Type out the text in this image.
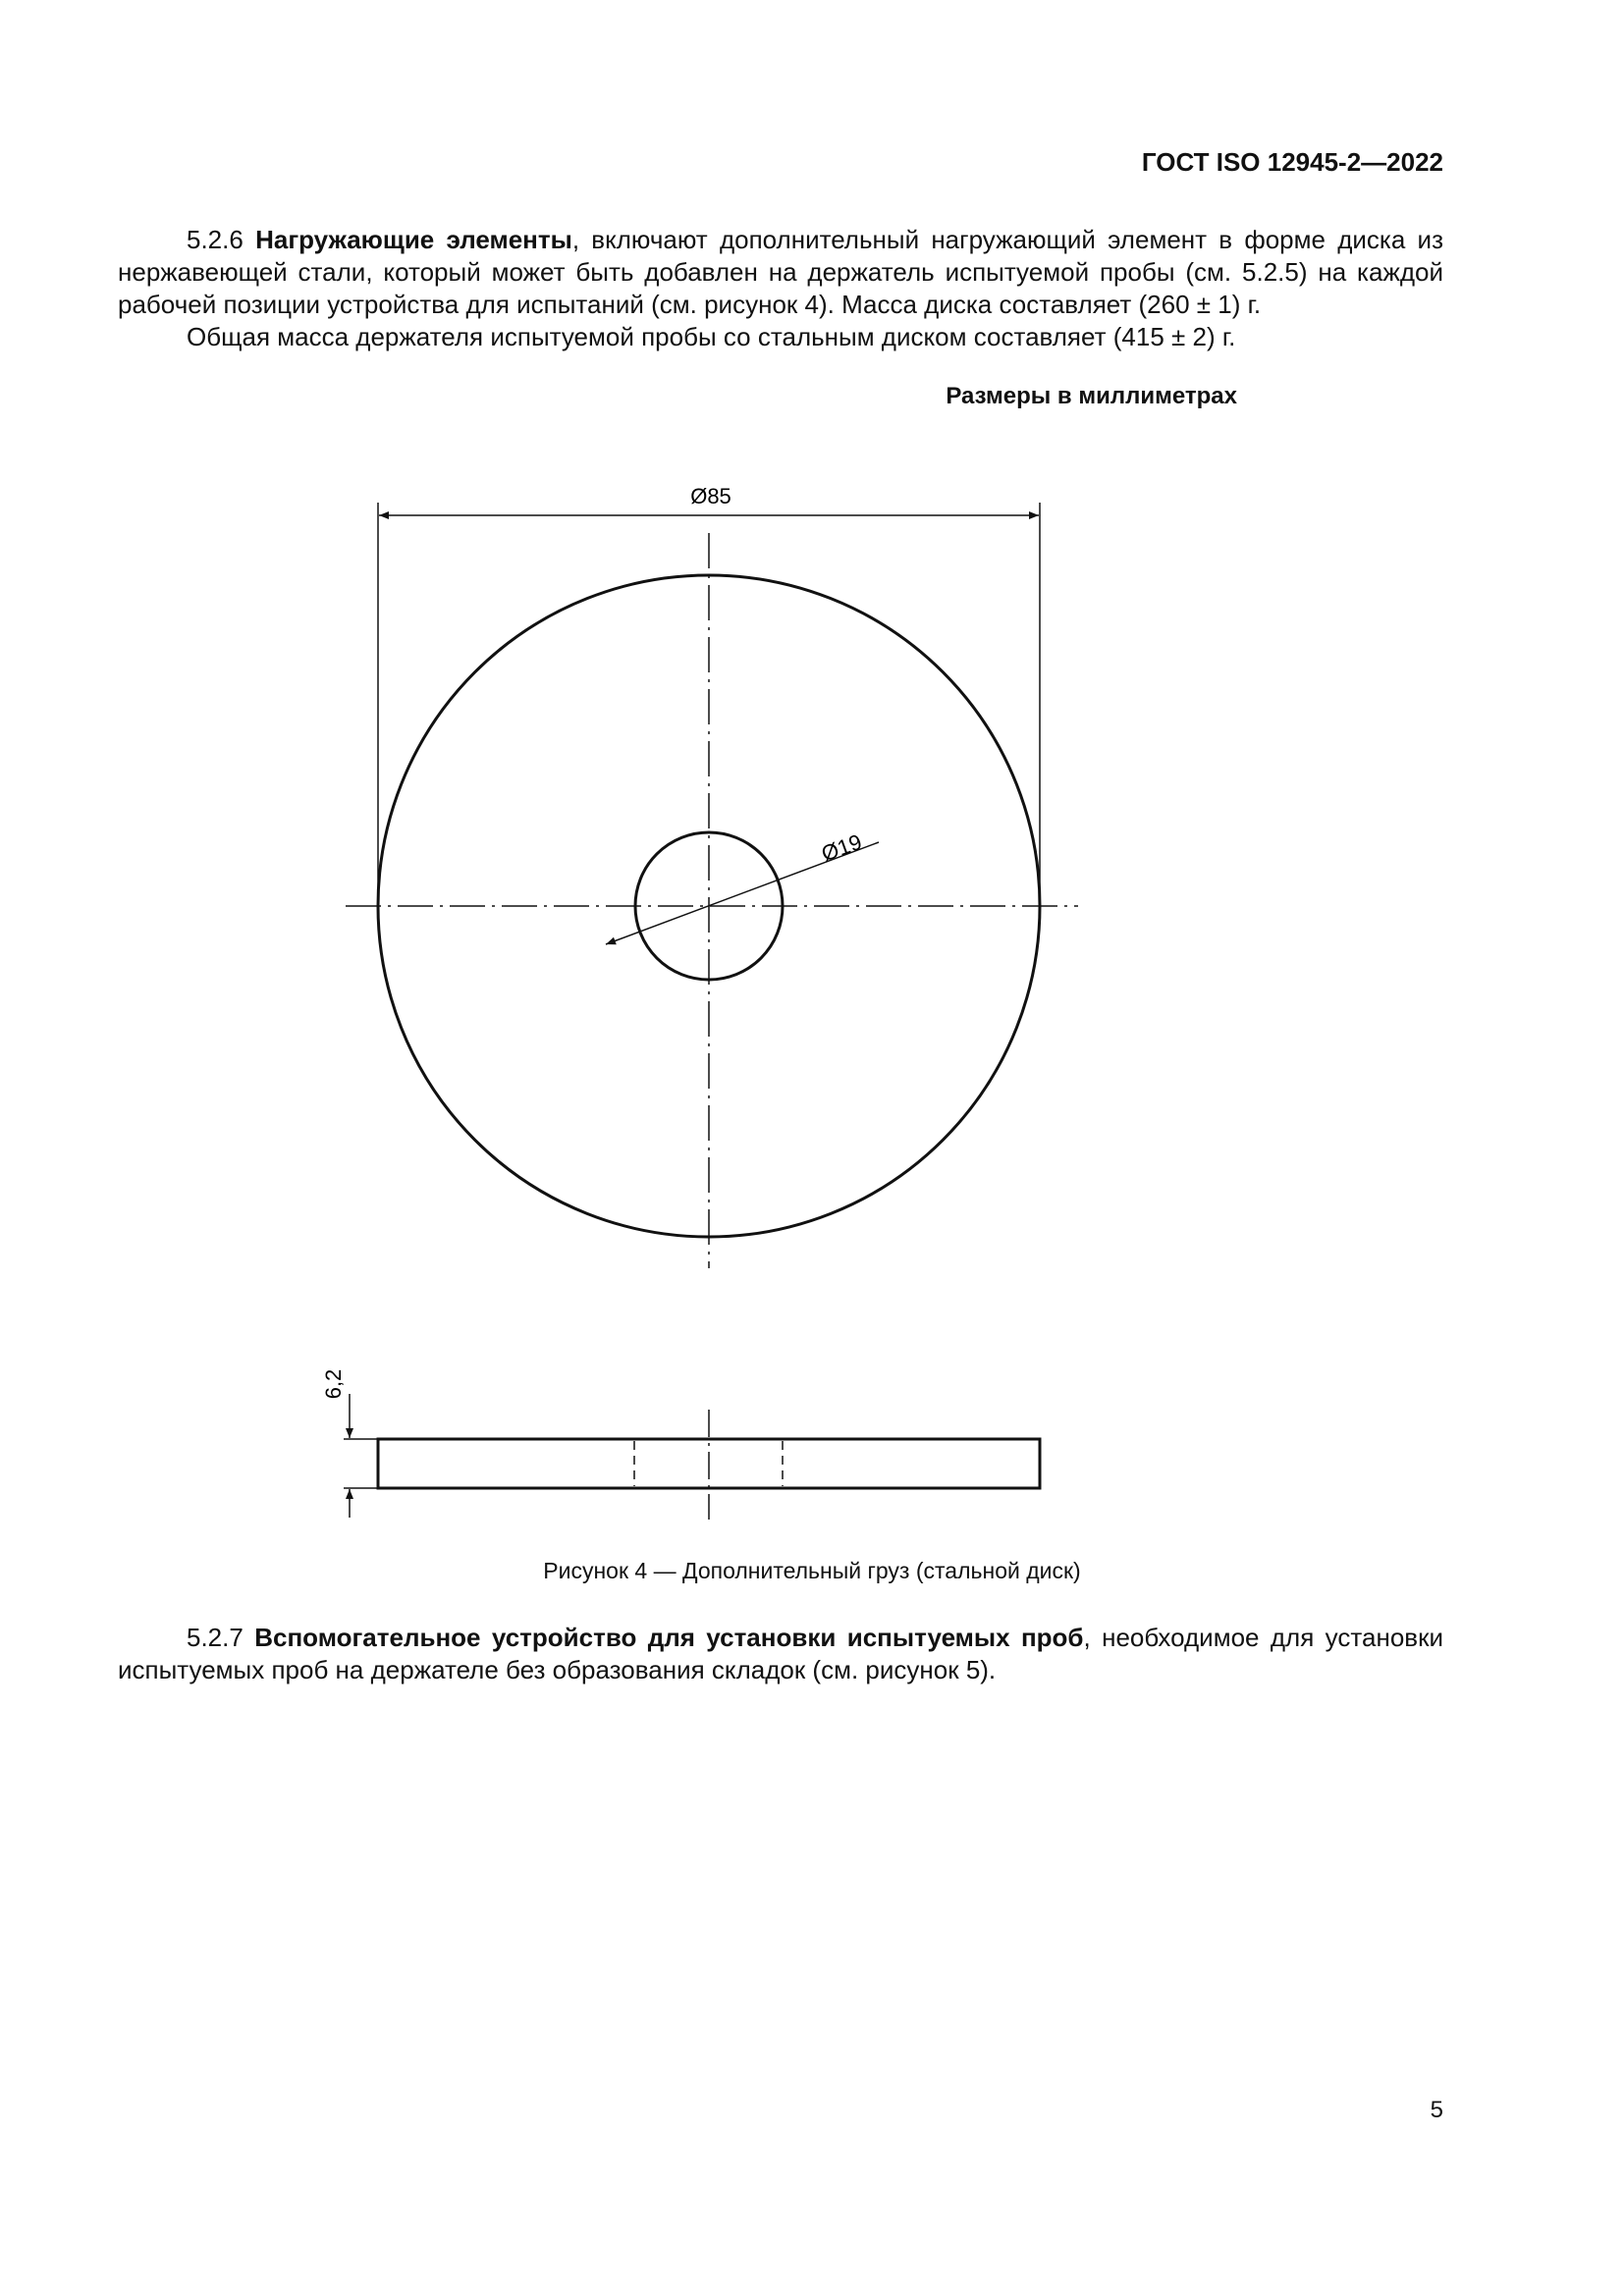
ГОСТ ISO 12945-2—2022

5.2.6 Нагружающие элементы, включают дополнительный нагружающий элемент в форме диска из нержавеющей стали, который может быть добавлен на держатель испытуемой пробы (см. 5.2.5) на каждой рабочей позиции устройства для испытаний (см. рисунок 4). Масса диска составляет (260 ± 1) г.

Общая масса держателя испытуемой пробы со стальным диском составляет (415 ± 2) г.

Размеры в миллиметрах
Ø85
Ø19
6,2
Рисунок 4 — Дополнительный груз (стальной диск)

5.2.7 Вспомогательное устройство для установки испытуемых проб, необходимое для установки испытуемых проб на держателе без образования складок (см. рисунок 5).

5
